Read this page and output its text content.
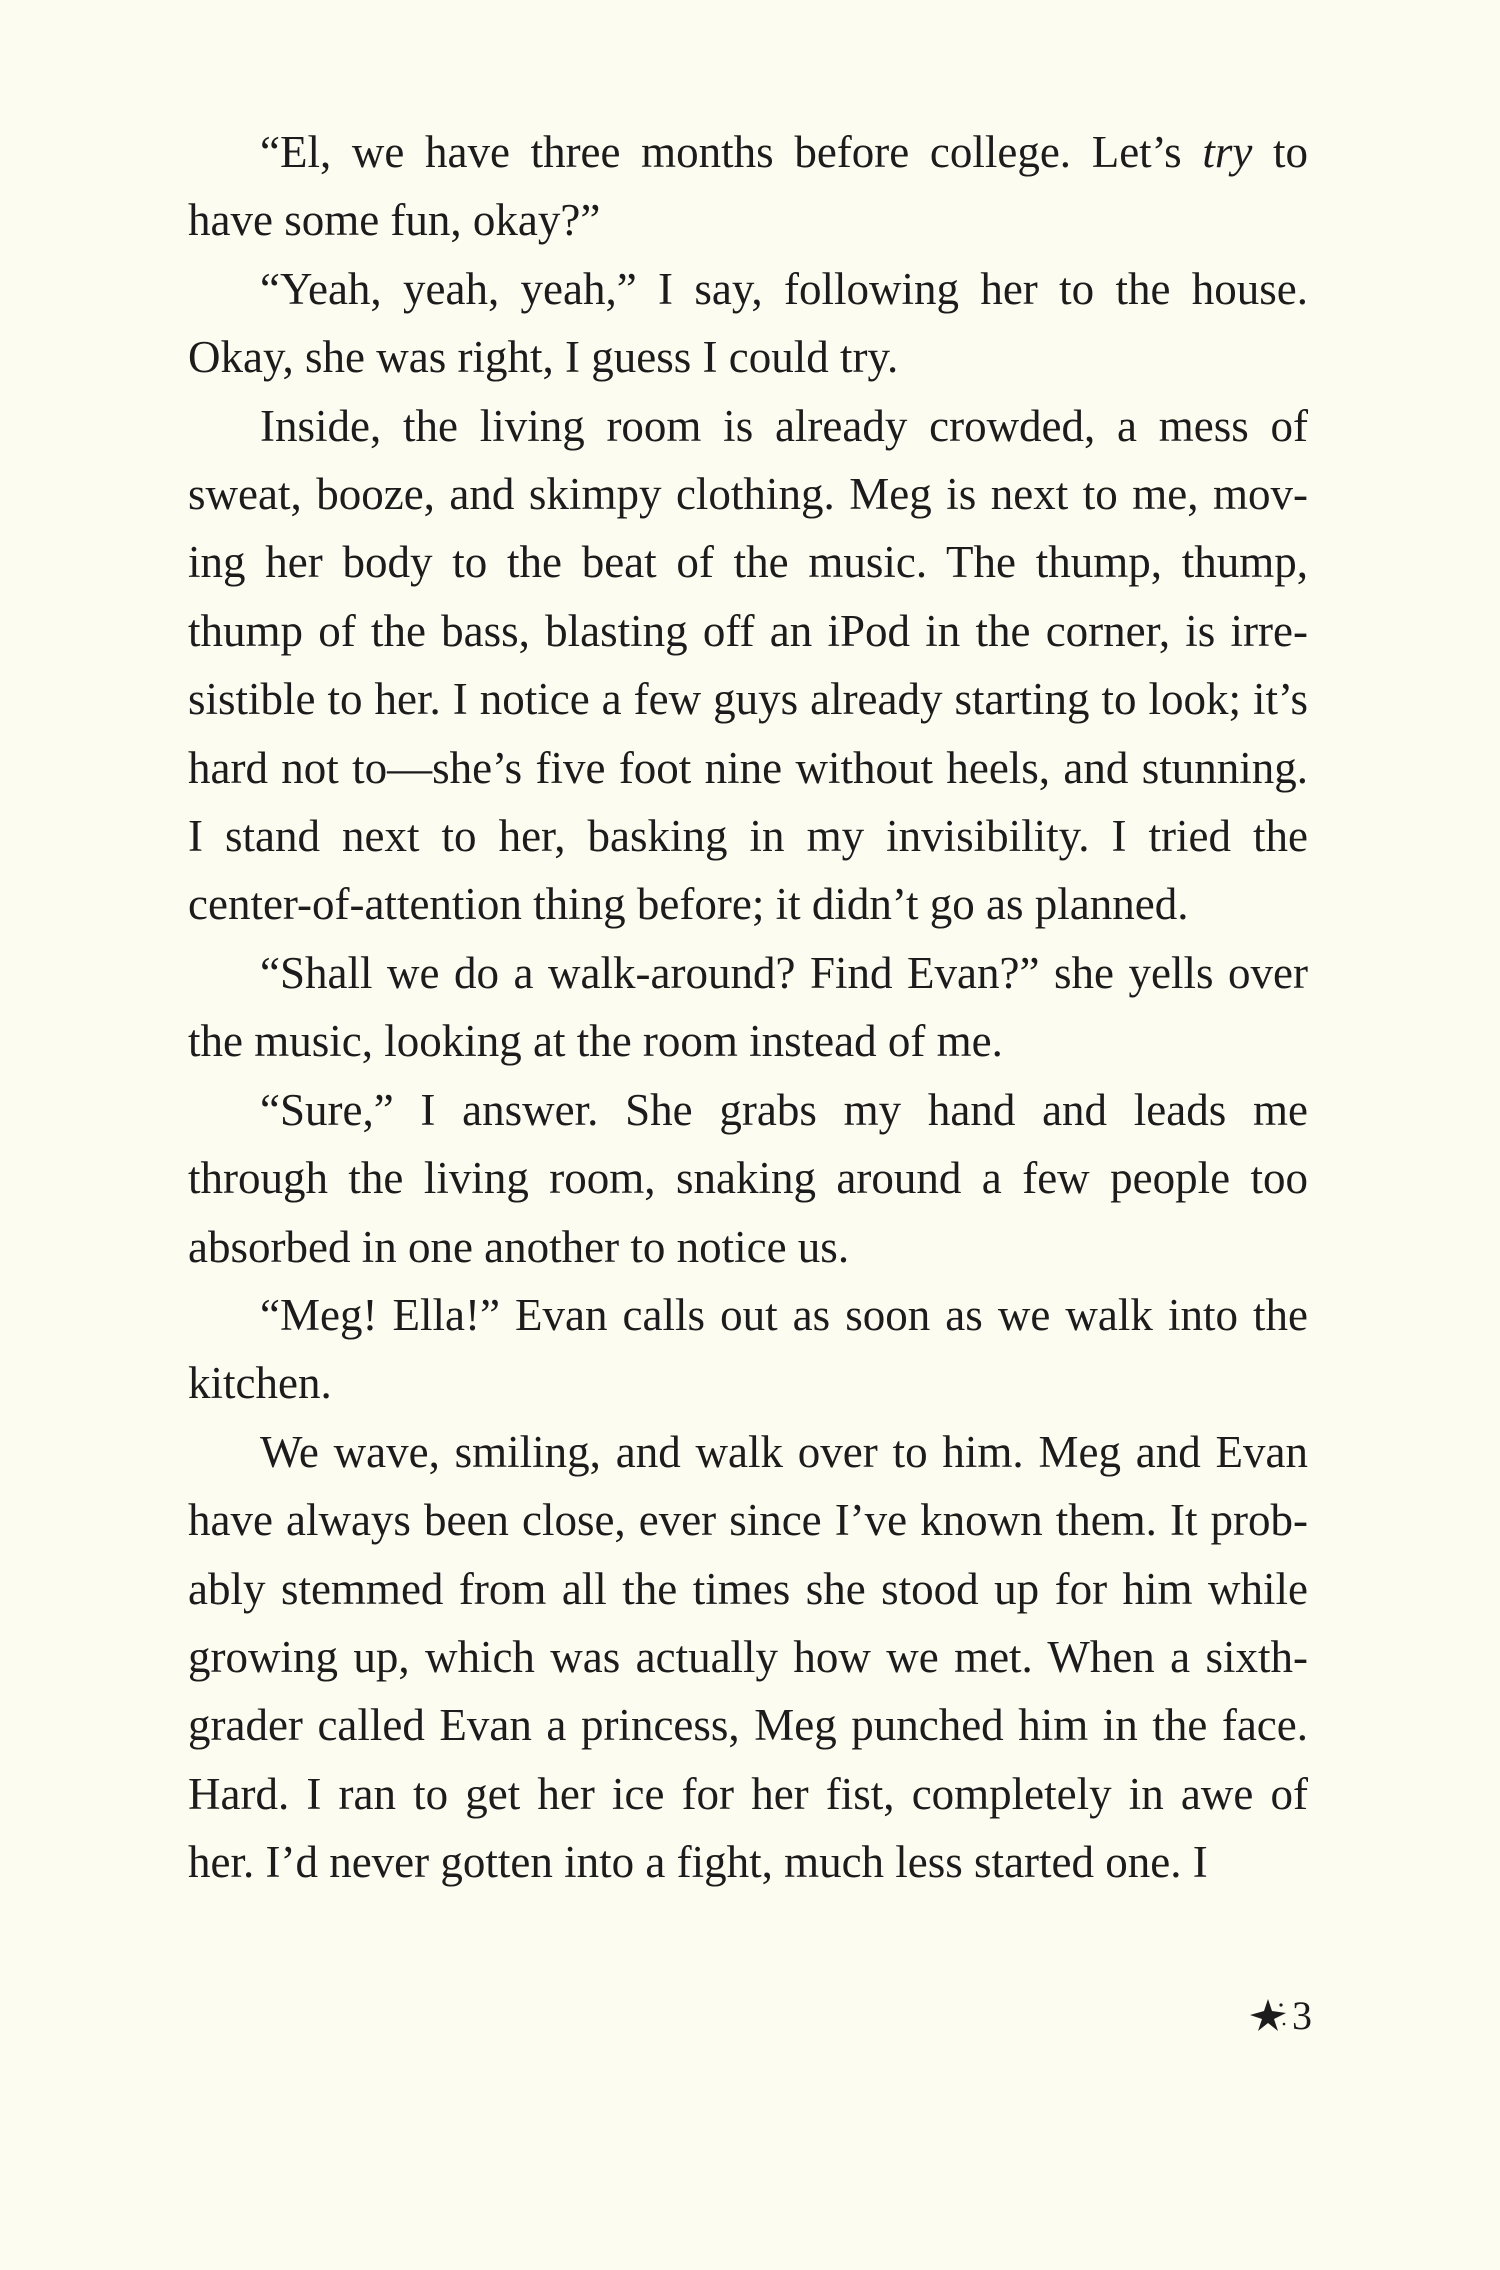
“El, we have three months before college. Let’s try to have some fun, okay?”

“Yeah, yeah, yeah,” I say, following her to the house. Okay, she was right, I guess I could try.

Inside, the living room is already crowded, a mess of sweat, booze, and skimpy clothing. Meg is next to me, moving her body to the beat of the music. The thump, thump, thump of the bass, blasting off an iPod in the corner, is irresistible to her. I notice a few guys already starting to look; it’s hard not to—she’s five foot nine without heels, and stunning. I stand next to her, basking in my invisibility. I tried the center-of-attention thing before; it didn’t go as planned.

“Shall we do a walk-around? Find Evan?” she yells over the music, looking at the room instead of me.

“Sure,” I answer. She grabs my hand and leads me through the living room, snaking around a few people too absorbed in one another to notice us.

“Meg! Ella!” Evan calls out as soon as we walk into the kitchen.

We wave, smiling, and walk over to him. Meg and Evan have always been close, ever since I’ve known them. It probably stemmed from all the times she stood up for him while growing up, which was actually how we met. When a sixth-grader called Evan a princess, Meg punched him in the face. Hard. I ran to get her ice for her fist, completely in awe of her. I’d never gotten into a fight, much less started one. I

3
